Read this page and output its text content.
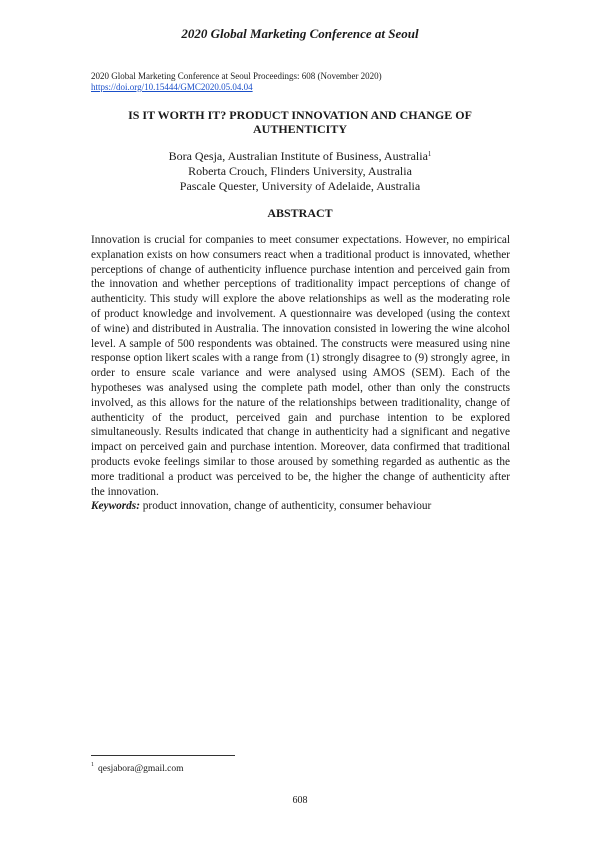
2020 Global Marketing Conference at Seoul
2020 Global Marketing Conference at Seoul Proceedings: 608 (November 2020)
https://doi.org/10.15444/GMC2020.05.04.04
IS IT WORTH IT? PRODUCT INNOVATION AND CHANGE OF
AUTHENTICITY
Bora Qesja, Australian Institute of Business, Australia$^1$
Roberta Crouch, Flinders University, Australia
Pascale Quester, University of Adelaide, Australia
ABSTRACT

Innovation is crucial for companies to meet consumer expectations. However, no empirical explanation exists on how consumers react when a traditional product is innovated, whether perceptions of change of authenticity influence purchase intention and perceived gain from the innovation and whether perceptions of traditionality impact perceptions of change of authenticity. This study will explore the above relationships as well as the moderating role of product knowledge and involvement. A questionnaire was developed (using the context of wine) and distributed in Australia. The innovation consisted in lowering the wine alcohol level. A sample of 500 respondents was obtained. The constructs were measured using nine response option likert scales with a range from (1) strongly disagree to (9) strongly agree, in order to ensure scale variance and were analysed using AMOS (SEM). Each of the hypotheses was analysed using the complete path model, other than only the constructs involved, as this allows for the nature of the relationships between traditionality, change of authenticity of the product, perceived gain and purchase intention to be explored simultaneously. Results indicated that change in authenticity had a significant and negative impact on perceived gain and purchase intention. Moreover, data confirmed that traditional products evoke feelings similar to those aroused by something regarded as authentic as the more traditional a product was perceived to be, the higher the change of authenticity after the innovation.

Keywords: product innovation, change of authenticity, consumer behaviour
$^1$ qesjabora@gmail.com
608
